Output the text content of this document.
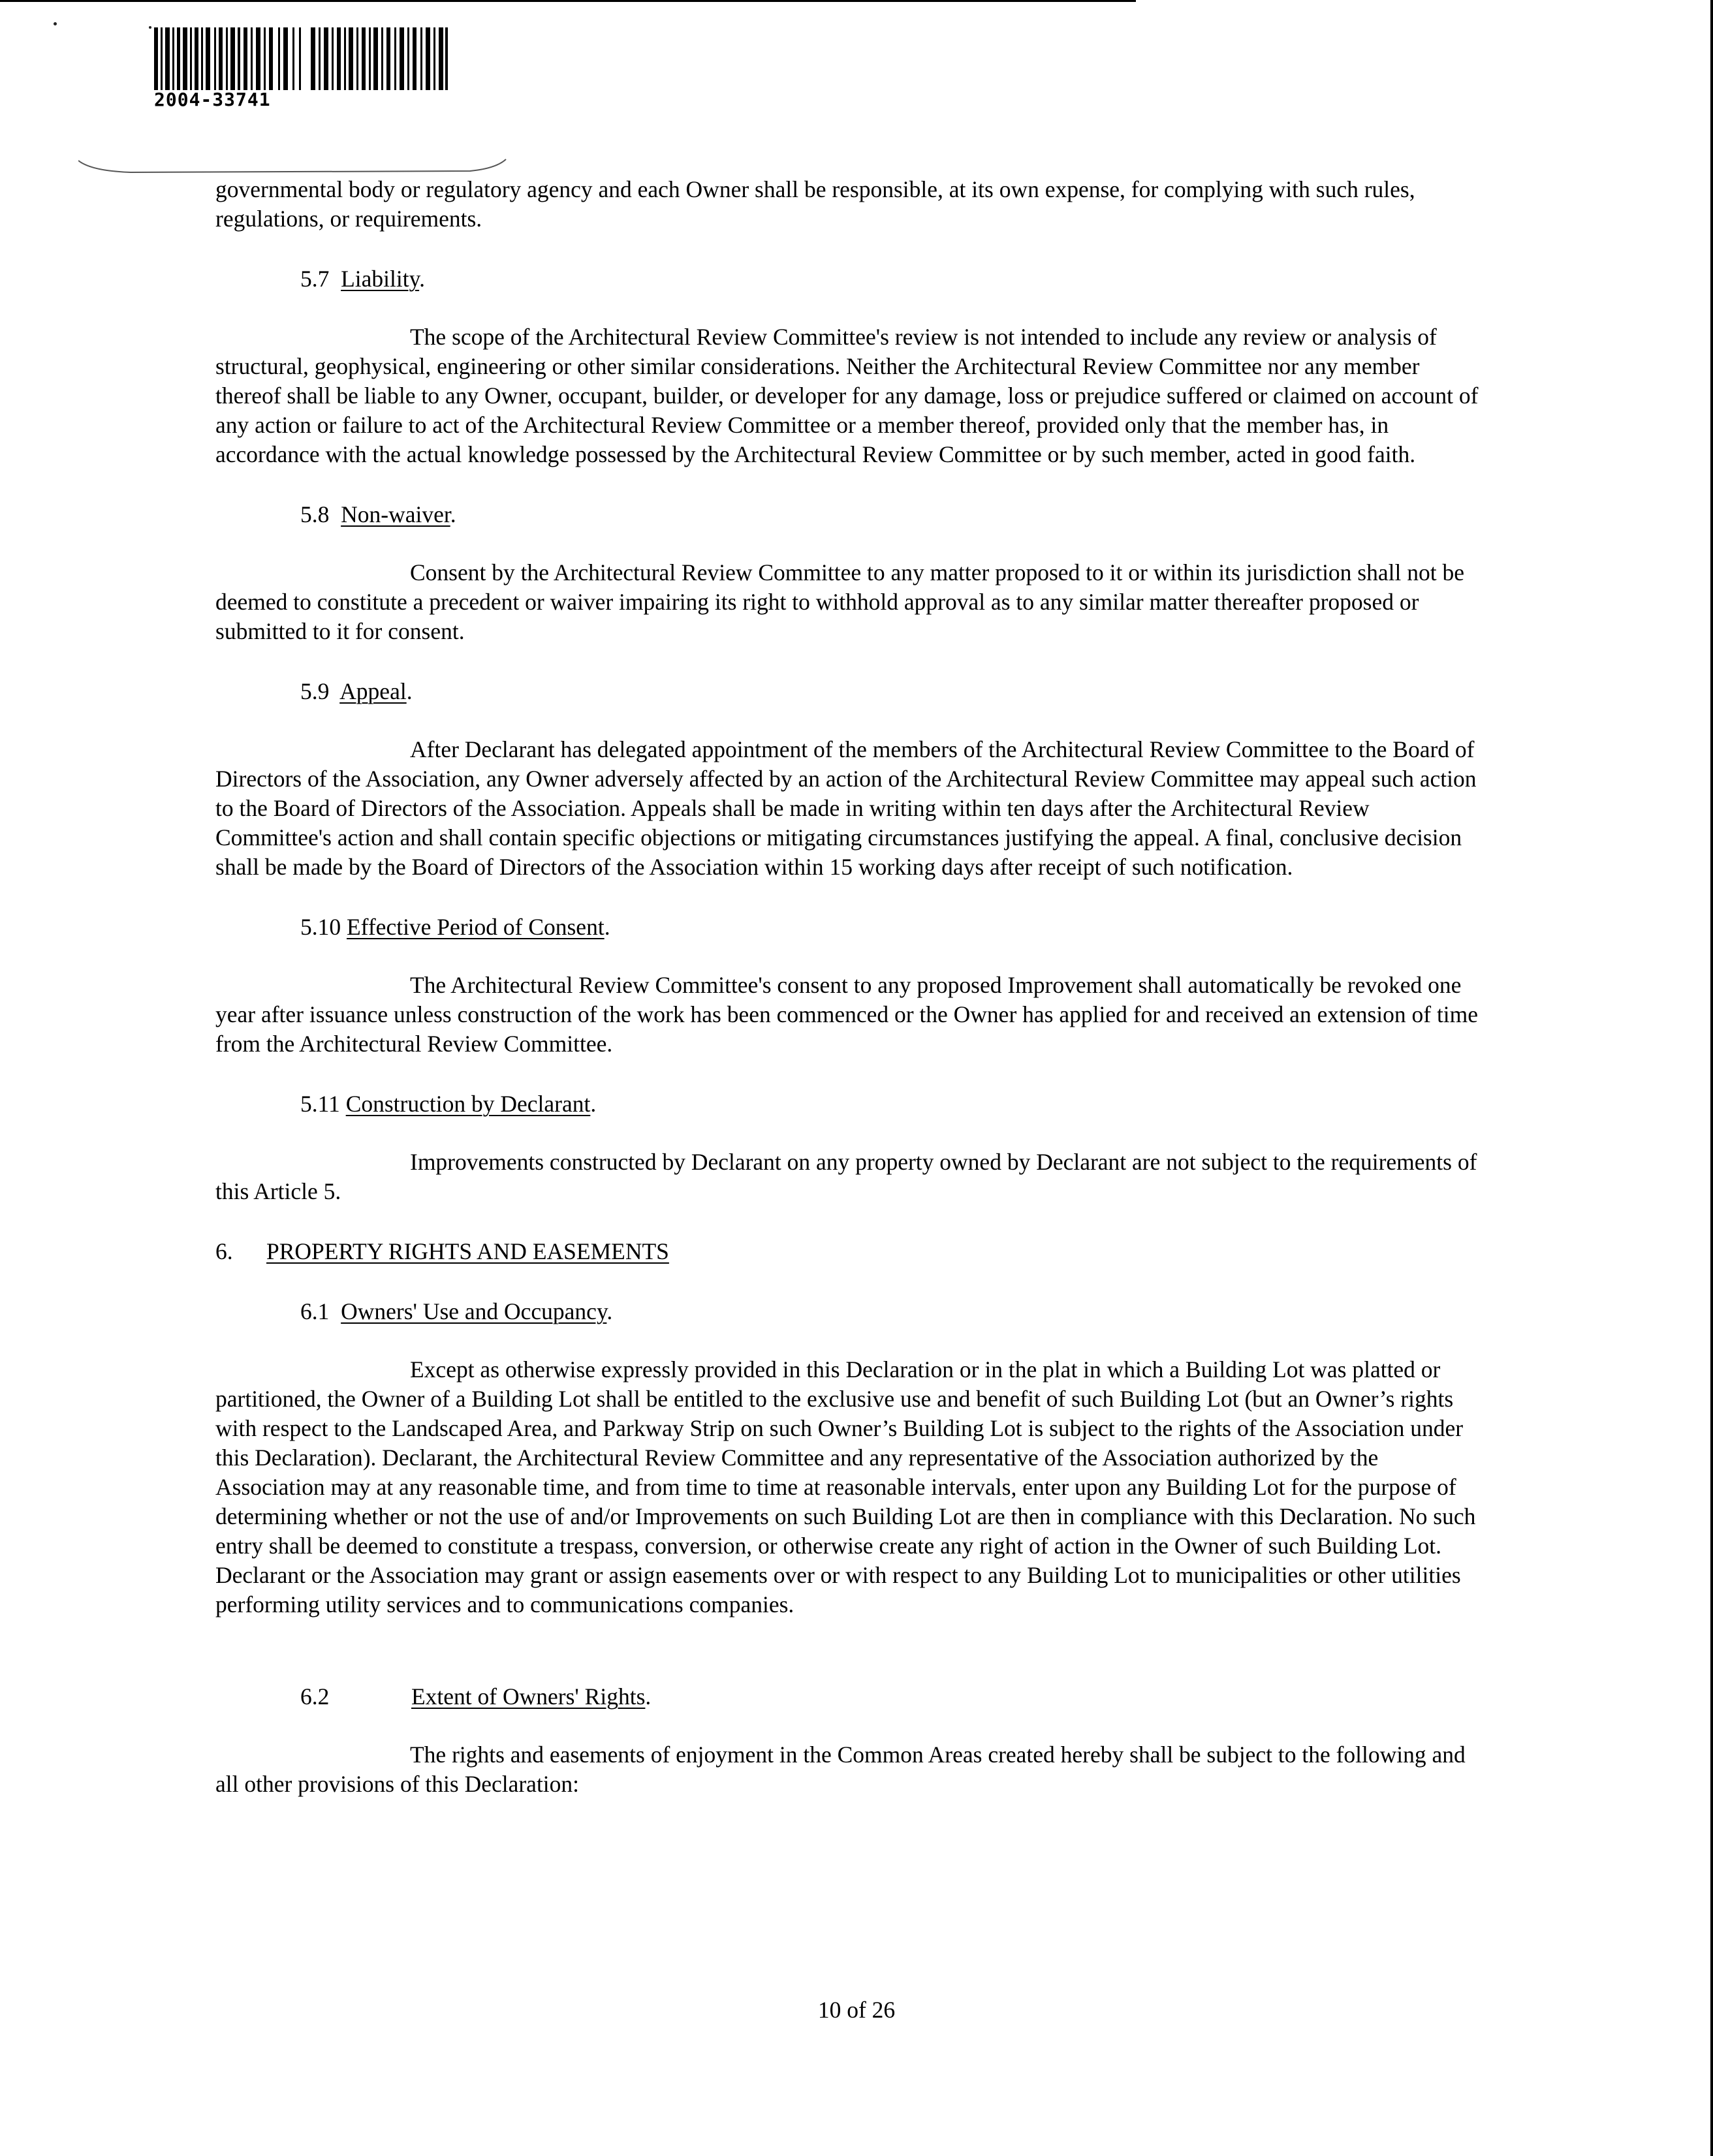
2004-33741

governmental body or regulatory agency and each Owner shall be responsible, at its own expense, for complying with such rules, regulations, or requirements.

5.7 Liability.

The scope of the Architectural Review Committee's review is not intended to include any review or analysis of structural, geophysical, engineering or other similar considerations. Neither the Architectural Review Committee nor any member thereof shall be liable to any Owner, occupant, builder, or developer for any damage, loss or prejudice suffered or claimed on account of any action or failure to act of the Architectural Review Committee or a member thereof, provided only that the member has, in accordance with the actual knowledge possessed by the Architectural Review Committee or by such member, acted in good faith.

5.8 Non-waiver.

Consent by the Architectural Review Committee to any matter proposed to it or within its jurisdiction shall not be deemed to constitute a precedent or waiver impairing its right to withhold approval as to any similar matter thereafter proposed or submitted to it for consent.

5.9 Appeal.

After Declarant has delegated appointment of the members of the Architectural Review Committee to the Board of Directors of the Association, any Owner adversely affected by an action of the Architectural Review Committee may appeal such action to the Board of Directors of the Association. Appeals shall be made in writing within ten days after the Architectural Review Committee's action and shall contain specific objections or mitigating circumstances justifying the appeal. A final, conclusive decision shall be made by the Board of Directors of the Association within 15 working days after receipt of such notification.

5.10 Effective Period of Consent.

The Architectural Review Committee's consent to any proposed Improvement shall automatically be revoked one year after issuance unless construction of the work has been commenced or the Owner has applied for and received an extension of time from the Architectural Review Committee.

5.11 Construction by Declarant.

Improvements constructed by Declarant on any property owned by Declarant are not subject to the requirements of this Article 5.

6. PROPERTY RIGHTS AND EASEMENTS

6.1 Owners' Use and Occupancy.

Except as otherwise expressly provided in this Declaration or in the plat in which a Building Lot was platted or partitioned, the Owner of a Building Lot shall be entitled to the exclusive use and benefit of such Building Lot (but an Owner’s rights with respect to the Landscaped Area, and Parkway Strip on such Owner’s Building Lot is subject to the rights of the Association under this Declaration). Declarant, the Architectural Review Committee and any representative of the Association authorized by the Association may at any reasonable time, and from time to time at reasonable intervals, enter upon any Building Lot for the purpose of determining whether or not the use of and/or Improvements on such Building Lot are then in compliance with this Declaration. No such entry shall be deemed to constitute a trespass, conversion, or otherwise create any right of action in the Owner of such Building Lot. Declarant or the Association may grant or assign easements over or with respect to any Building Lot to municipalities or other utilities performing utility services and to communications companies.

6.2	Extent of Owners' Rights.

The rights and easements of enjoyment in the Common Areas created hereby shall be subject to the following and all other provisions of this Declaration:

10 of 26
